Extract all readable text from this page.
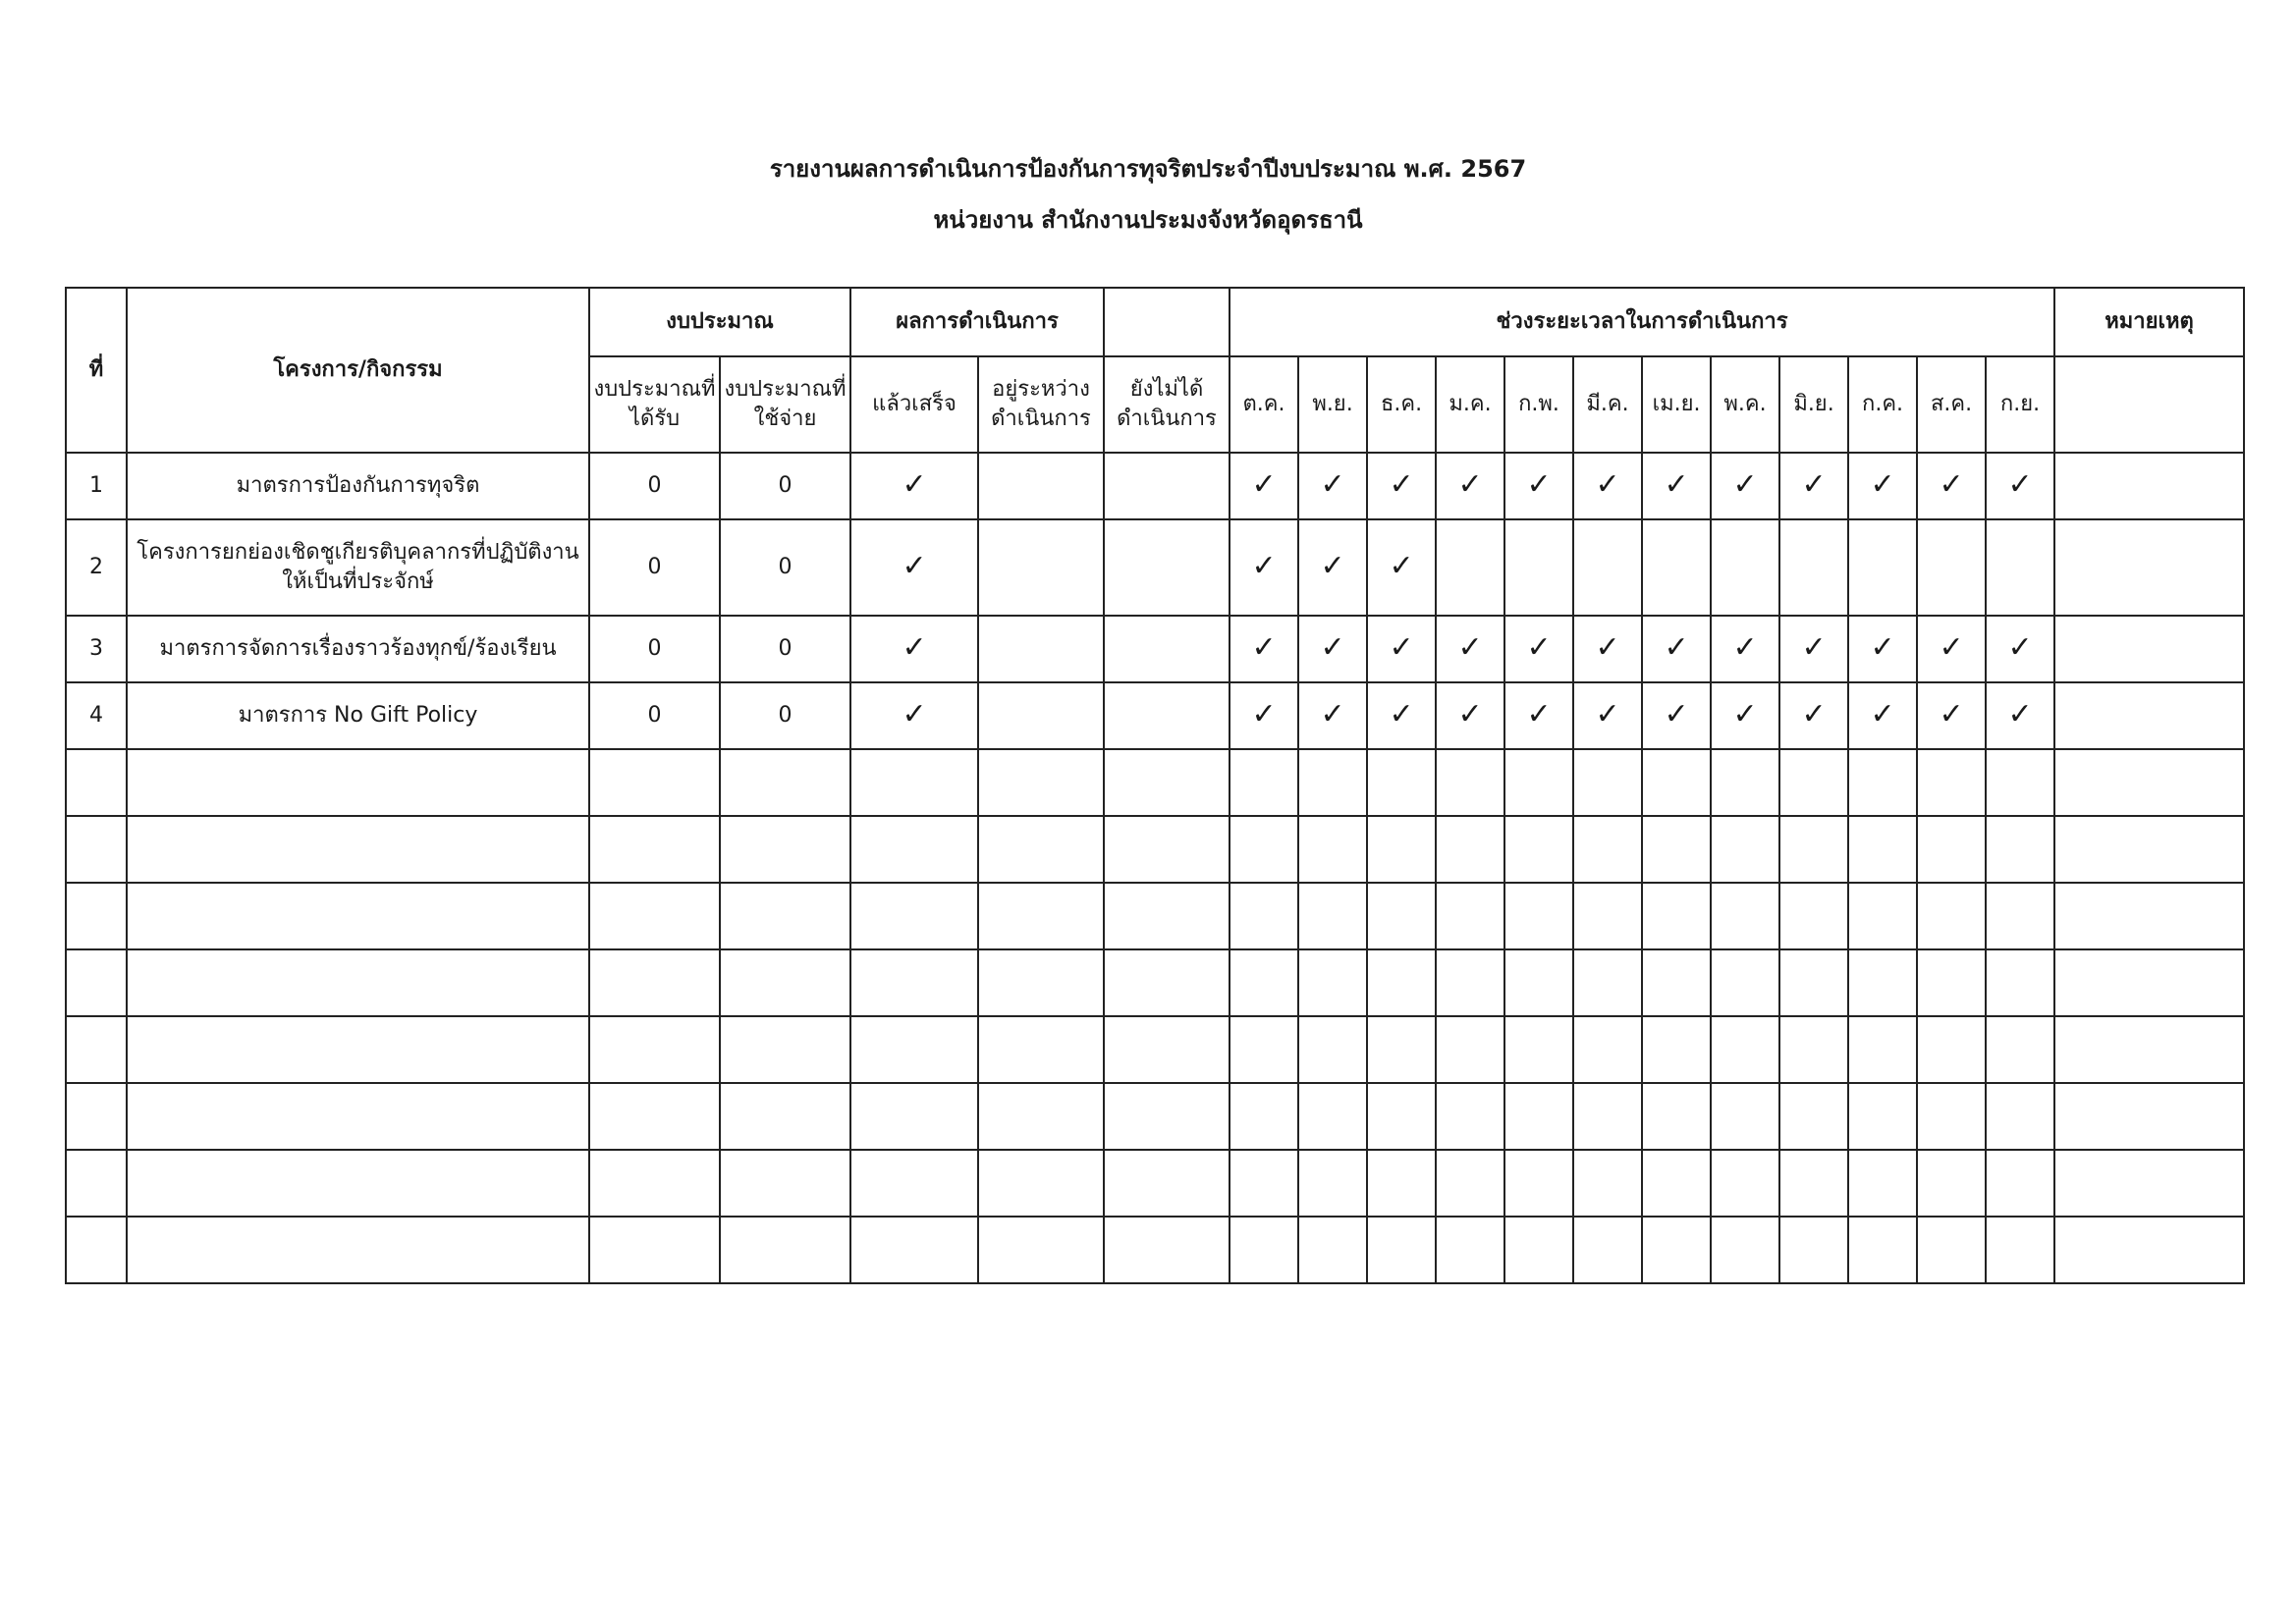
รายงานผลการดำเนินการป้องกันการทุจริตประจำปีงบประมาณ พ.ศ. 2567
หน่วยงาน สำนักงานประมงจังหวัดอุดรธานี
ที่	โครงการ/กิจกรรม	งบประมาณ		ผลการดำเนินการ			ช่วงระยะเวลาในการดำเนินการ												หมายเหตุ
		งบประมาณที่ได้รับ	งบประมาณที่ใช้จ่าย	แล้วเสร็จ	อยู่ระหว่างดำเนินการ	ยังไม่ได้ดำเนินการ	ต.ค.	พ.ย.	ธ.ค.	ม.ค.	ก.พ.	มี.ค.	เม.ย.	พ.ค.	มิ.ย.	ก.ค.	ส.ค.	ก.ย.	
1	มาตรการป้องกันการทุจริต	0	0	✓			✓	✓	✓	✓	✓	✓	✓	✓	✓	✓	✓	✓	
2	โครงการยกย่องเชิดชูเกียรติบุคลากรที่ปฏิบัติงานให้เป็นที่ประจักษ์	0	0	✓			✓	✓	✓										
3	มาตรการจัดการเรื่องราวร้องทุกข์/ร้องเรียน	0	0	✓			✓	✓	✓	✓	✓	✓	✓	✓	✓	✓	✓	✓	
4	มาตรการ No Gift Policy	0	0	✓			✓	✓	✓	✓	✓	✓	✓	✓	✓	✓	✓	✓	
